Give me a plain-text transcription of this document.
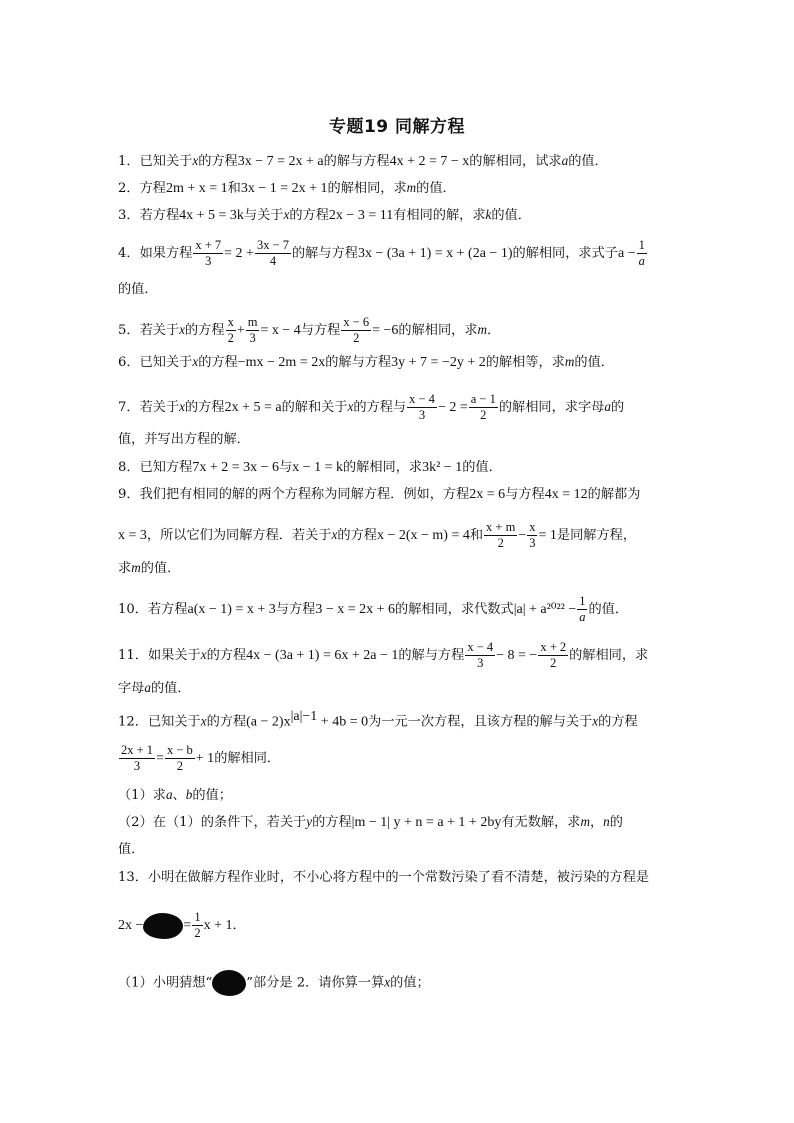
专题19 同解方程
1．已知关于x的方程3x − 7 = 2x + a的解与方程4x + 2 = 7 − x的解相同，试求a的值．
2．方程2m + x = 1和3x − 1 = 2x + 1的解相同，求m的值．
3．若方程4x + 5 = 3k与关于x的方程2x − 3 = 11有相同的解，求k的值．
4．如果方程 $\frac{x + 7}{3} = 2 + \frac{3x - 7}{4}$ 的解与方程3x − (3a + 1) = x + (2a − 1)的解相同，求式子$a - \frac{1}{a}$
的值．
5．若关于x的方程 $\frac{x}{2} + \frac{m}{3} = x - 4$与方程 $\frac{x - 6}{2} = -6$的解相同，求m．
6．已知关于x的方程−mx − 2m = 2x的解与方程3y + 7 = −2y + 2的解相等，求m的值．
7．若关于x的方程2x + 5 = a的解和关于x的方程与 $\frac{x - 4}{3} - 2 = \frac{a - 1}{2}$ 的解相同，求字母a的
值，并写出方程的解．
8．已知方程7x + 2 = 3x − 6与x − 1 = k的解相同，求3k² − 1的值．
9．我们把有相同的解的两个方程称为同解方程．例如，方程2x = 6与方程4x = 12的解都为
x = 3，所以它们为同解方程．若关于x的方程x − 2(x − m) = 4和 $\frac{x + m}{2} - \frac{x}{3} = 1$是同解方程，
求m的值．
10．若方程a(x − 1) = x + 3与方程3 − x = 2x + 6的解相同，求代数式$|a| + a^{2022} - \frac{1}{a}$ 的值．
11．如果关于x的方程4x − (3a + 1) = 6x + 2a − 1的解与方程 $\frac{x - 4}{3} - 8$ = − $\frac{x + 2}{2}$ 的解相同，求
字母a的值．
12．已知关于x的方程$(a - 2)x^{|a|-1} + 4b = 0$为一元一次方程，且该方程的解与关于x的方程
$\frac{2x + 1}{3} = \frac{x - b}{2} + 1$的解相同．
（1）求a、b的值；
（2）在（1）的条件下，若关于y的方程|m − 1| y + n = a + 1 + 2by有无数解，求m，n的
值．
13．小明在做解方程作业时，不小心将方程中的一个常数污染了看不清楚，被污染的方程是
2x −	= $\frac{1}{2}$ x + 1．
（1）小明猜想“	”部分是 2．请你算一算x的值；
